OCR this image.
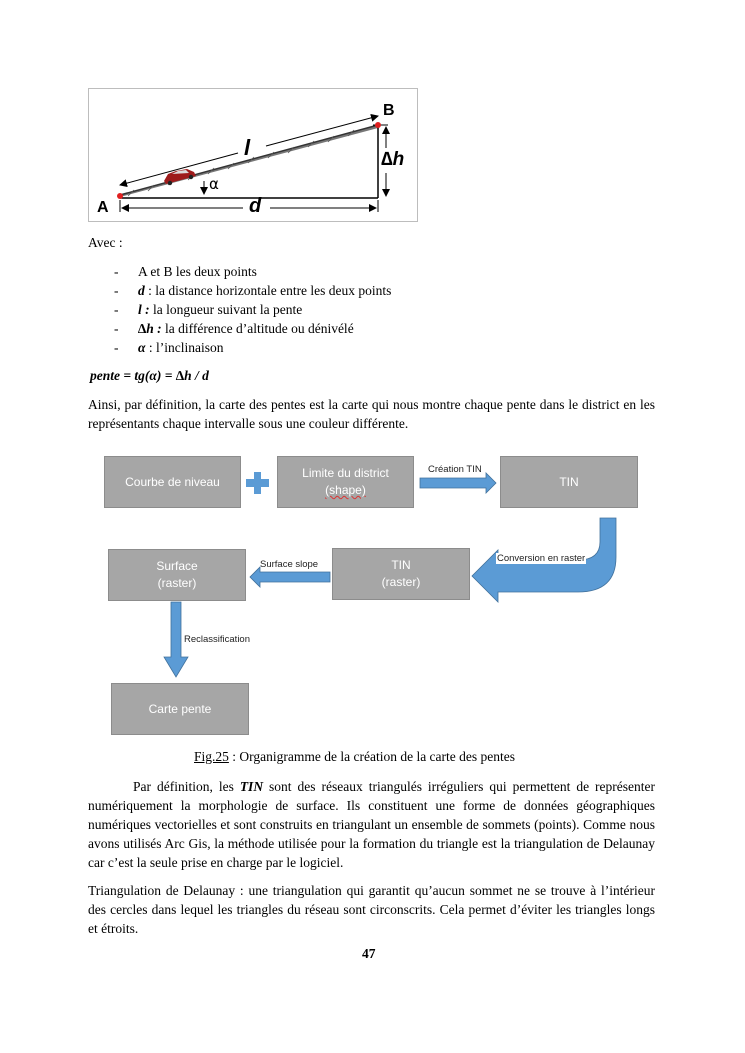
B
A
l
d
∆h
α
Avec :
- A et B les deux points
- d : la distance horizontale entre les deux points
- l : la longueur suivant la pente
- ∆h : la différence d’altitude ou dénivélé
- α : l’inclinaison
pente = tg(α) = ∆h / d
Ainsi, par définition, la carte des pentes est la carte qui nous montre chaque pente dans le district en les représentants chaque intervalle sous une couleur différente.
Courbe de niveau
Limite du district
(shape)
TIN
TIN
(raster)
Surface
(raster)
Carte pente
Création TIN
Conversion en raster
Surface slope
Reclassification
Fig.25 : Organigramme de la création de la carte des pentes
Par définition, les TIN sont des réseaux triangulés irréguliers qui permettent de représenter numériquement la morphologie de surface. Ils constituent une forme de données géographiques numériques vectorielles et sont construits en triangulant un ensemble de sommets (points). Comme nous avons utilisés Arc Gis, la méthode utilisée pour la formation du triangle est la triangulation de Delaunay car c’est la seule prise en charge par le logiciel.
Triangulation de Delaunay : une triangulation qui garantit qu’aucun sommet ne se trouve à l’intérieur des cercles dans lequel les triangles du réseau sont circonscrits. Cela permet d’éviter les triangles longs et étroits.
47
